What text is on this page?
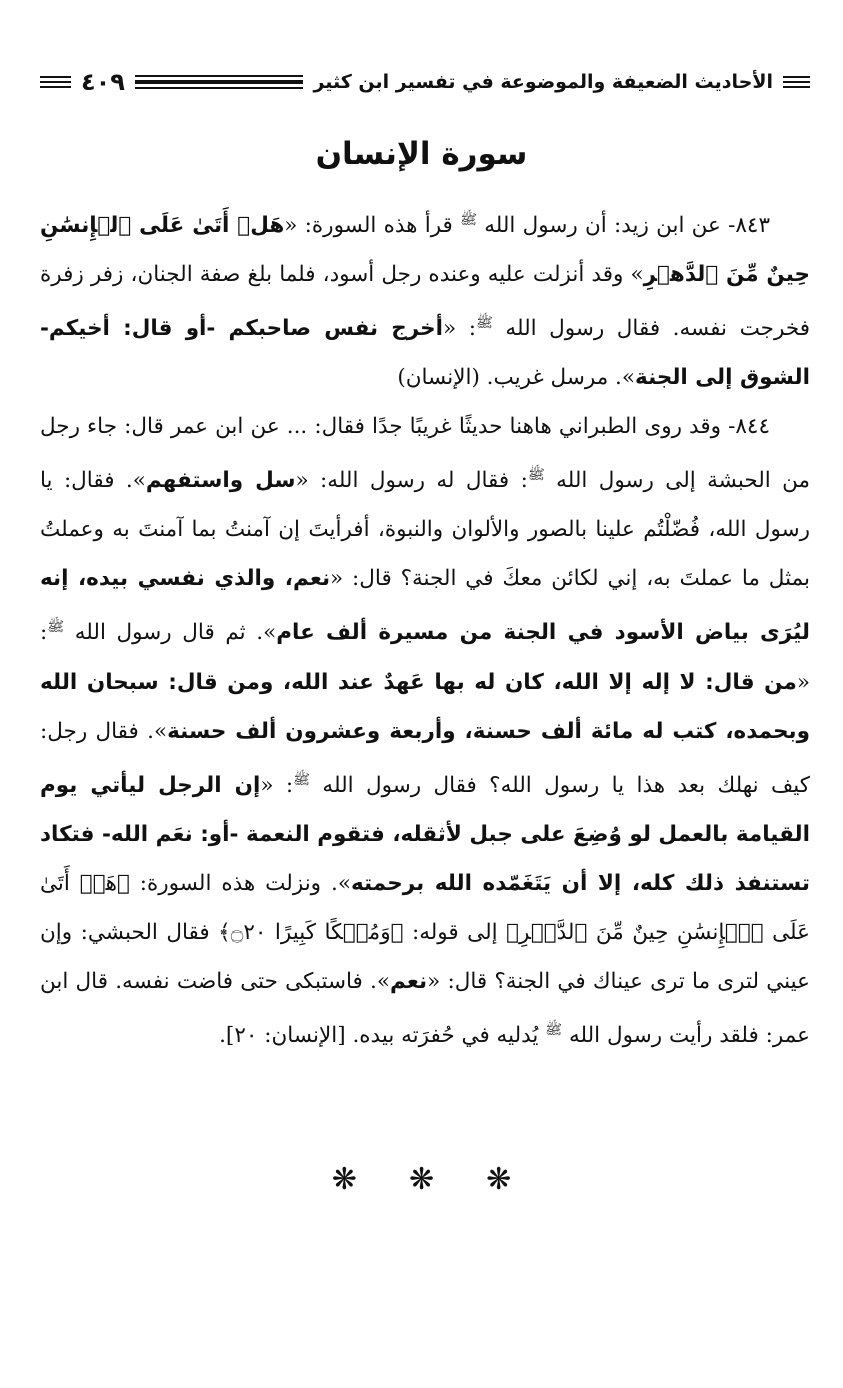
الأحاديث الضعيفة والموضوعة في تفسير ابن كثير
٤٠٩
سورة الإنسان

٨٤٣- عن ابن زيد: أن رسول الله $^ﷺ$ قرأ هذه السورة: «هَلۡ أَتَىٰ عَلَى ٱلۡإِنسَٰنِ حِينٌ مِّنَ ٱلدَّهۡرِ» وقد أنزلت عليه وعنده رجل أسود، فلما بلغ صفة الجنان، زفر زفرة فخرجت نفسه. فقال رسول الله $^ﷺ$: «أخرج نفس صاحبكم -أو قال: أخيكم- الشوق إلى الجنة». مرسل غريب. (الإنسان)

٨٤٤- وقد روى الطبراني هاهنا حديثًا غريبًا جدًا فقال: ... عن ابن عمر قال: جاء رجل من الحبشة إلى رسول الله $^ﷺ$: فقال له رسول الله: «سل واستفهم». فقال: يا رسول الله، فُضّلْتُم علينا بالصور والألوان والنبوة، أفرأيتَ إن آمنتُ بما آمنتَ به وعملتُ بمثل ما عملتَ به، إني لكائن معكَ في الجنة؟ قال: «نعم، والذي نفسي بيده، إنه ليُرَى بياض الأسود في الجنة من مسيرة ألف عام». ثم قال رسول الله $^ﷺ$: «من قال: لا إله إلا الله، كان له بها عَهدٌ عند الله، ومن قال: سبحان الله وبحمده، كتب له مائة ألف حسنة، وأربعة وعشرون ألف حسنة». فقال رجل: كيف نهلك بعد هذا يا رسول الله؟ فقال رسول الله $^ﷺ$: «إن الرجل ليأتي يوم القيامة بالعمل لو وُضِعَ على جبل لأثقله، فتقوم النعمة -أو: نعَم الله- فتكاد تستنفذ ذلك كله، إلا أن يَتَغَمّده الله برحمته». ونزلت هذه السورة: ﴿هَلۡ أَتَىٰ عَلَى ٱلۡإِنسَٰنِ حِينٌ مِّنَ ٱلدَّهۡرِ﴾ إلى قوله: ﴿وَمُلۡكًا كَبِيرًا ۝٢٠﴾ فقال الحبشي: وإن عيني لترى ما ترى عيناك في الجنة؟ قال: «نعم». فاستبكى حتى فاضت نفسه. قال ابن عمر: فلقد رأيت رسول الله $^ﷺ$ يُدليه في حُفرَته بيده. [الإنسان: ٢٠].

❋
❋
❋
